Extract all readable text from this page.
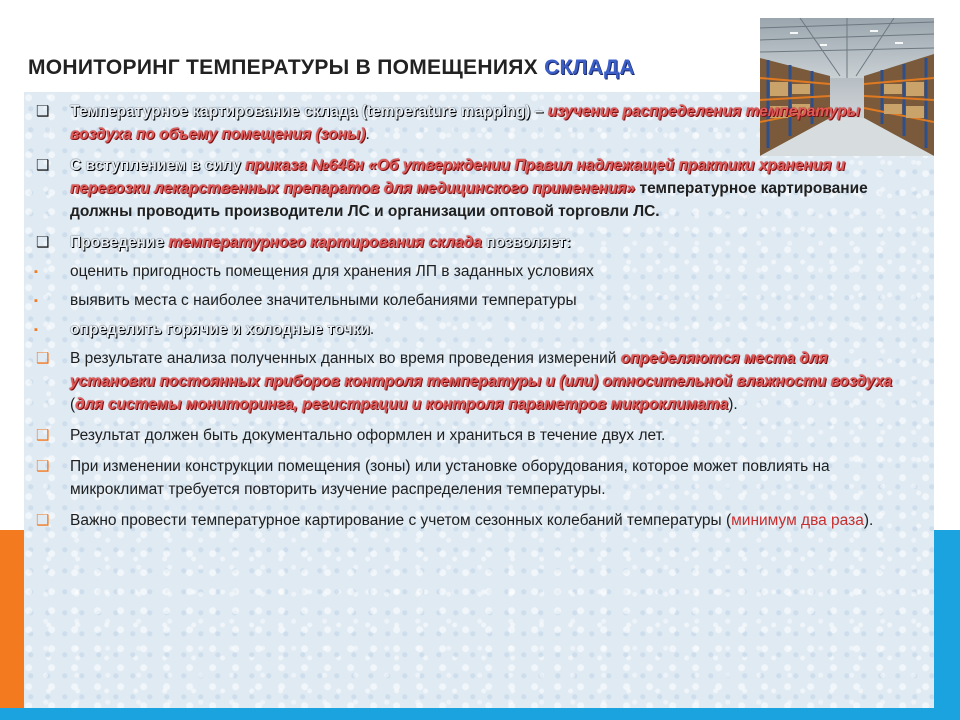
МОНИТОРИНГ ТЕМПЕРАТУРЫ В ПОМЕЩЕНИЯХ СКЛАДА
❑	Температурное картирование склада (temperature mapping) – изучение распределения температуры воздуха по объему помещения (зоны).
❑	С вступлением в силу приказа №646н «Об утверждении Правил надлежащей практики хранения и перевозки лекарственных препаратов для медицинского применения» температурное картирование должны проводить производители ЛС и организации оптовой торговли ЛС.
❑	Проведение температурного картирования склада позволяет:
▪	оценить пригодность помещения для хранения ЛП в заданных условиях
▪	выявить места с наиболее значительными колебаниями температуры
▪	определить горячие и холодные точки.
❑	В результате анализа полученных данных во время проведения измерений определяются места для установки постоянных приборов контроля температуры и (или) относительной влажности воздуха (для системы мониторинга, регистрации и контроля параметров микроклимата).
❑	Результат должен быть документально оформлен и храниться в течение двух лет.
❑	При изменении конструкции помещения (зоны) или установке оборудования, которое может повлиять на микроклимат требуется повторить изучение распределения температуры.
❑	Важно провести температурное картирование с учетом сезонных колебаний температуры (минимум два раза).
